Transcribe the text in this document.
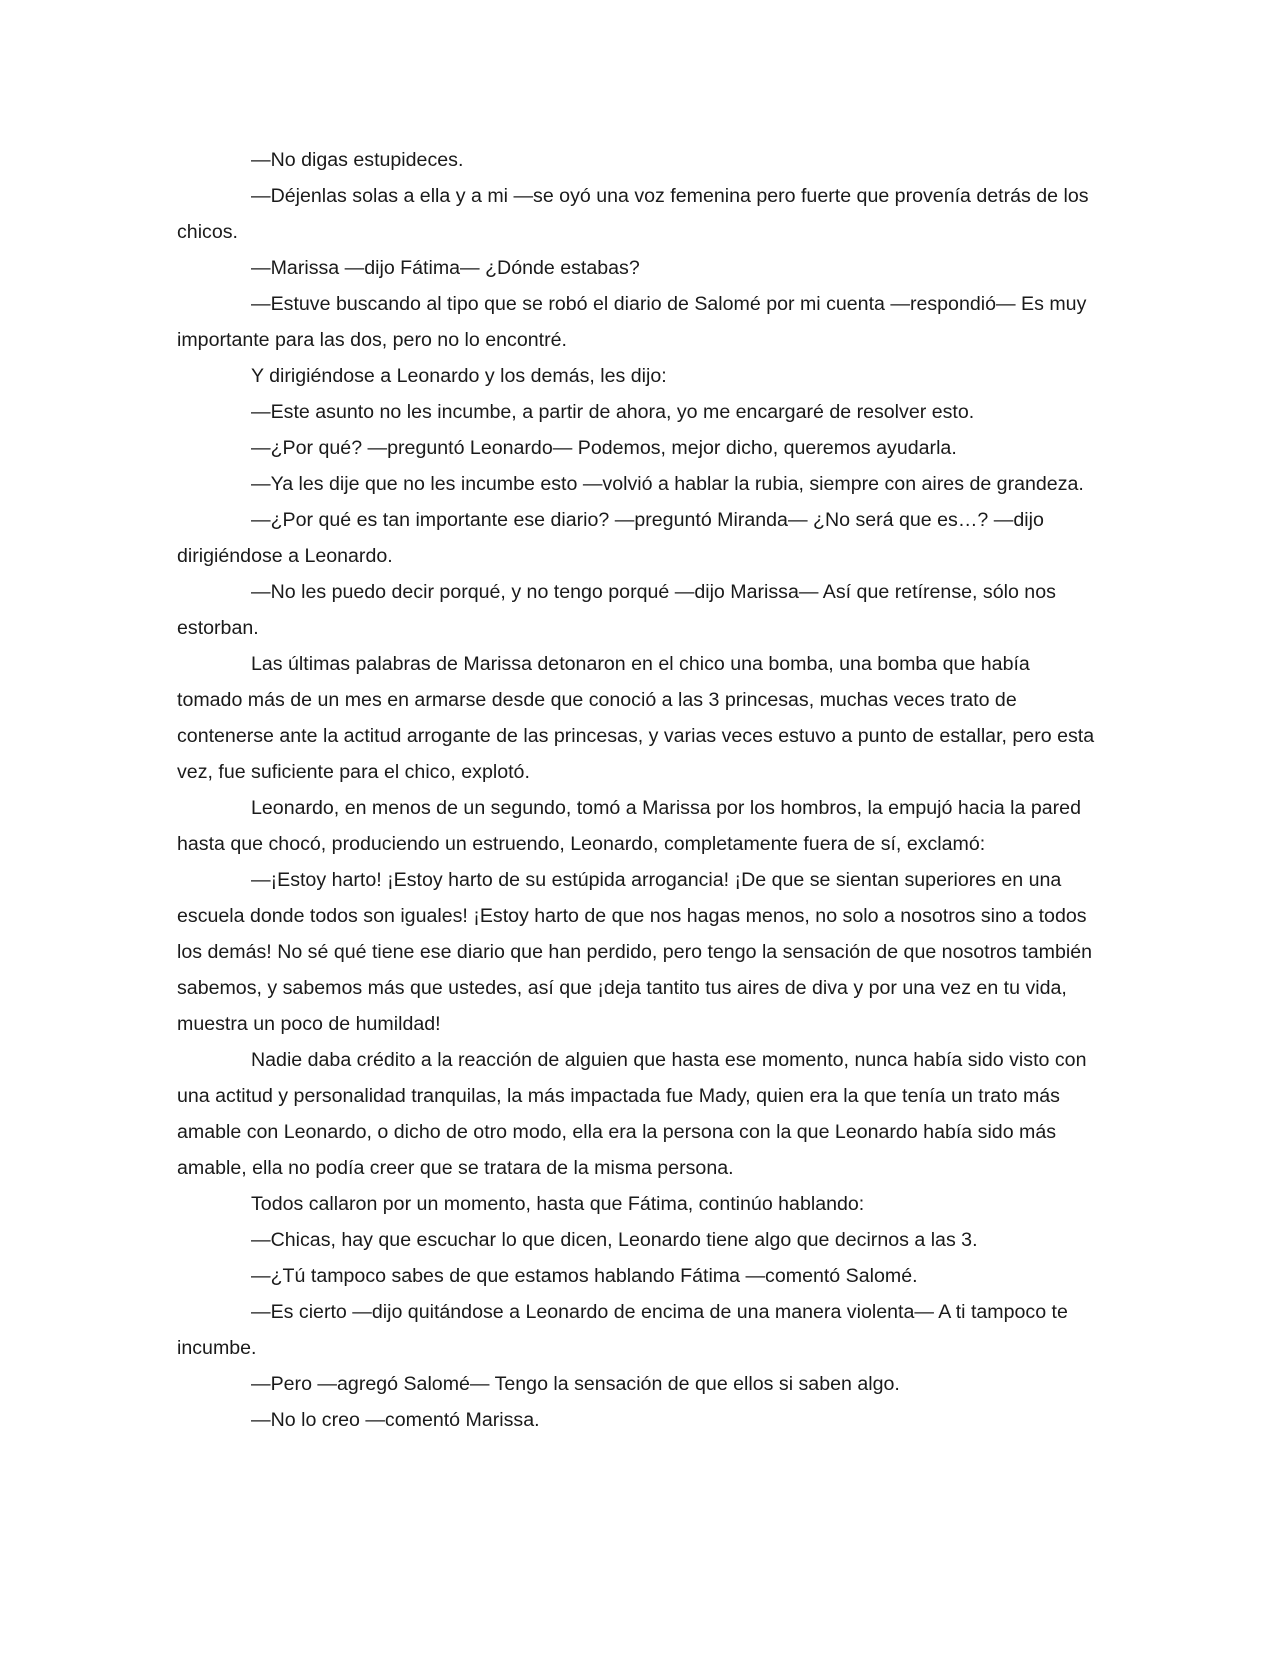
—No digas estupideces.

—Déjenlas solas a ella y a mi —se oyó una voz femenina pero fuerte que provenía detrás de los chicos.

—Marissa —dijo Fátima— ¿Dónde estabas?

—Estuve buscando al tipo que se robó el diario de Salomé por mi cuenta —respondió— Es muy importante para las dos, pero no lo encontré.

Y dirigiéndose a Leonardo y los demás, les dijo:

—Este asunto no les incumbe, a partir de ahora, yo me encargaré de resolver esto.

—¿Por qué? —preguntó Leonardo— Podemos, mejor dicho, queremos ayudarla.

—Ya les dije que no les incumbe esto —volvió a hablar la rubia, siempre con aires de grandeza.

—¿Por qué es tan importante ese diario? —preguntó Miranda— ¿No será que es…? —dijo dirigiéndose a Leonardo.

—No les puedo decir porqué, y no tengo porqué —dijo Marissa— Así que retírense, sólo nos estorban.

Las últimas palabras de Marissa detonaron en el chico una bomba, una bomba que había tomado más de un mes en armarse desde que conoció a las 3 princesas, muchas veces trato de contenerse ante la actitud arrogante de las princesas, y varias veces estuvo a punto de estallar, pero esta vez, fue suficiente para el chico, explotó.

Leonardo, en menos de un segundo, tomó a Marissa por los hombros, la empujó hacia la pared hasta que chocó, produciendo un estruendo, Leonardo, completamente fuera de sí, exclamó:

—¡Estoy harto! ¡Estoy harto de su estúpida arrogancia! ¡De que se sientan superiores en una escuela donde todos son iguales! ¡Estoy harto de que nos hagas menos, no solo a nosotros sino a todos los demás! No sé qué tiene ese diario que han perdido, pero tengo la sensación de que nosotros también sabemos, y sabemos más que ustedes, así que ¡deja tantito tus aires de diva y por una vez en tu vida, muestra un poco de humildad!

Nadie daba crédito a la reacción de alguien que hasta ese momento, nunca había sido visto con una actitud y personalidad tranquilas, la más impactada fue Mady, quien era la que tenía un trato más amable con Leonardo, o dicho de otro modo, ella era la persona con la que Leonardo había sido más amable, ella no podía creer que se tratara de la misma persona.

Todos callaron por un momento, hasta que Fátima, continúo hablando:

—Chicas, hay que escuchar lo que dicen, Leonardo tiene algo que decirnos a las 3.

—¿Tú tampoco sabes de que estamos hablando Fátima —comentó Salomé.

—Es cierto —dijo quitándose a Leonardo de encima de una manera violenta— A ti tampoco te incumbe.

—Pero —agregó Salomé— Tengo la sensación de que ellos si saben algo.

—No lo creo —comentó Marissa.
